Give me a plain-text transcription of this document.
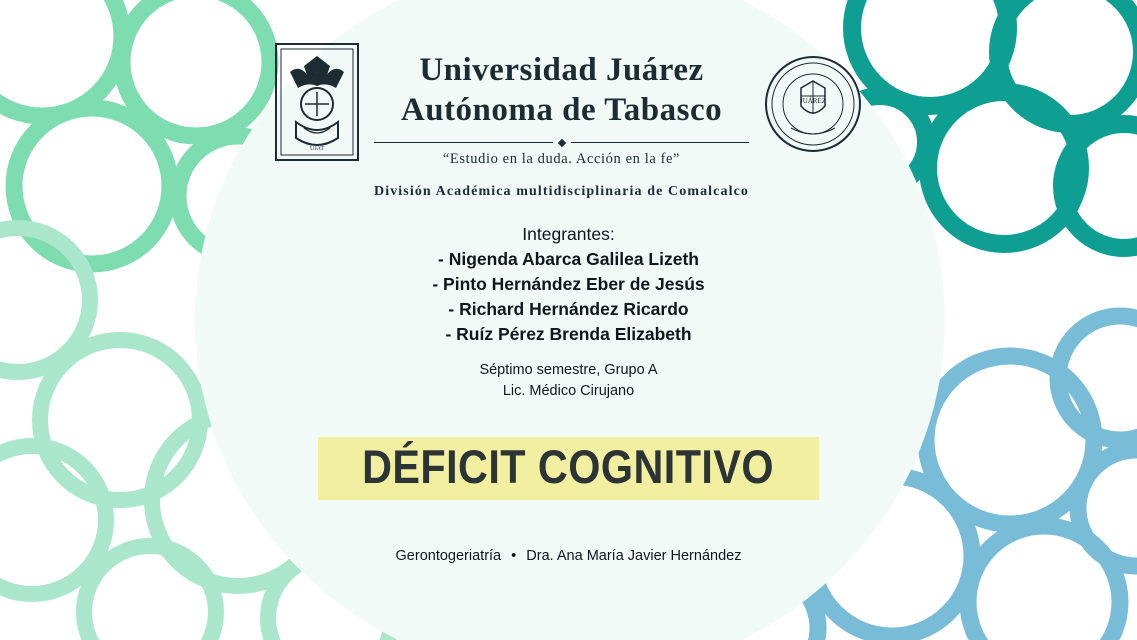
UJAT
Universidad Juárez
Autónoma de Tabasco
“Estudio en la duda. Acción en la fe”
División Académica multidisciplinaria de Comalcalco
JUÁREZ
Integrantes:
- Nigenda Abarca Galilea Lizeth
- Pinto Hernández Eber de Jesús
- Richard Hernández Ricardo
- Ruíz Pérez Brenda Elizabeth
Séptimo semestre, Grupo A
Lic. Médico Cirujano
DÉFICIT COGNITIVO
Gerontogeriatría • Dra. Ana María Javier Hernández
